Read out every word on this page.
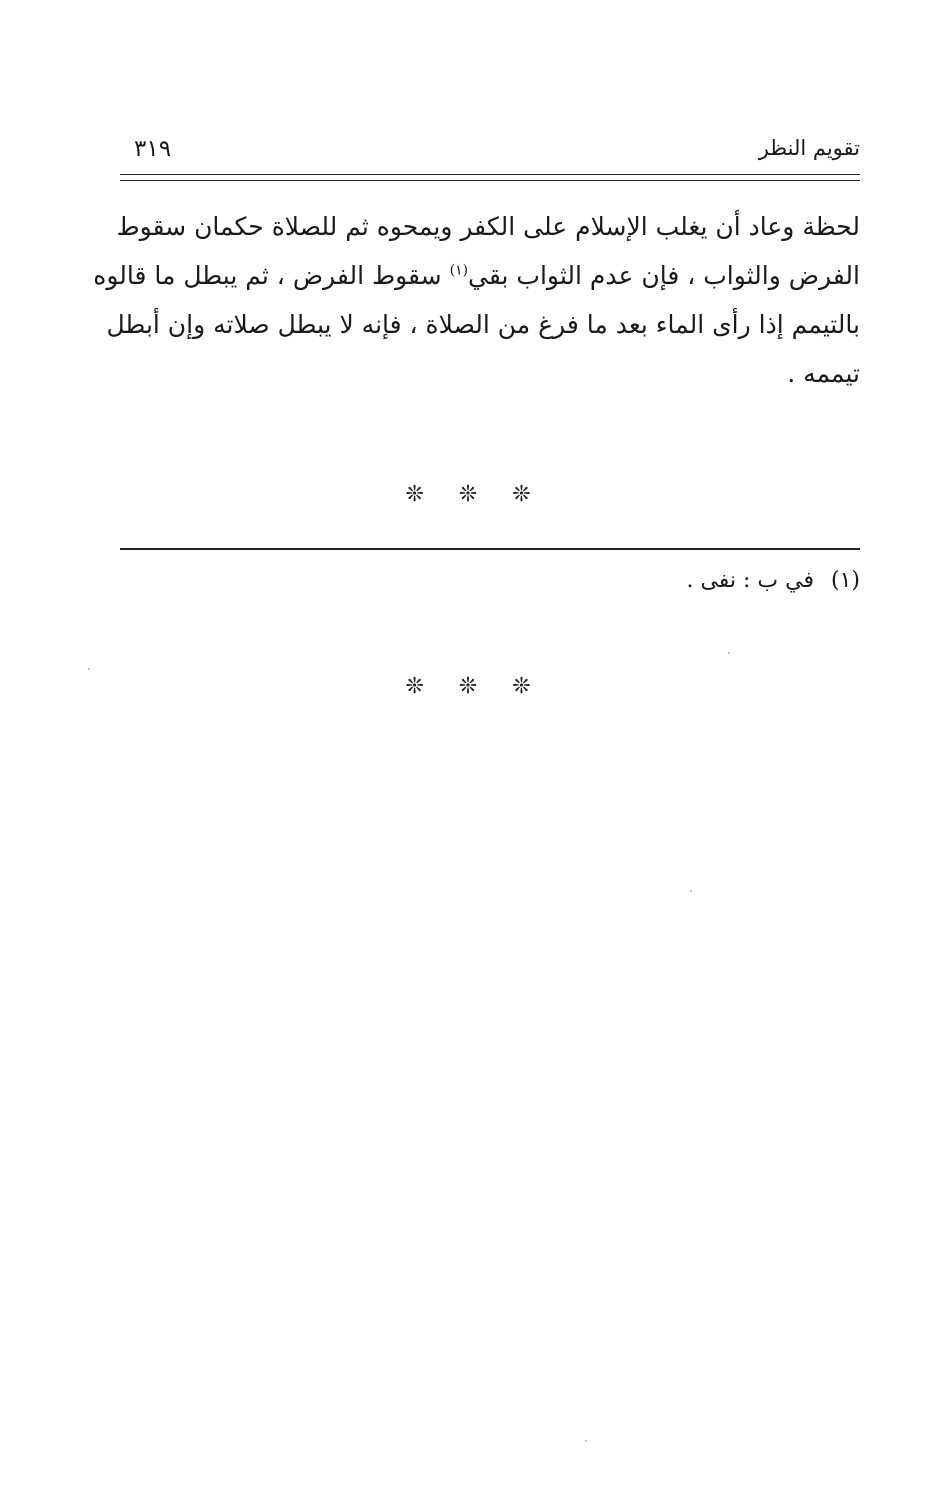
تقويم النظر
٣١٩
لحظة وعاد أن يغلب الإسلام على الكفر ويمحوه ثم للصلاة حكمان سقوط
الفرض والثواب ، فإن عدم الثواب بقي$^{(١)}$ سقوط الفرض ، ثم يبطل ما قالوه
بالتيمم إذا رأى الماء بعد ما فرغ من الصلاة ، فإنه لا يبطل صلاته وإن أبطل
تيممه .
❊ ❊ ❊
(١) في ب : نفى .
❊ ❊ ❊
